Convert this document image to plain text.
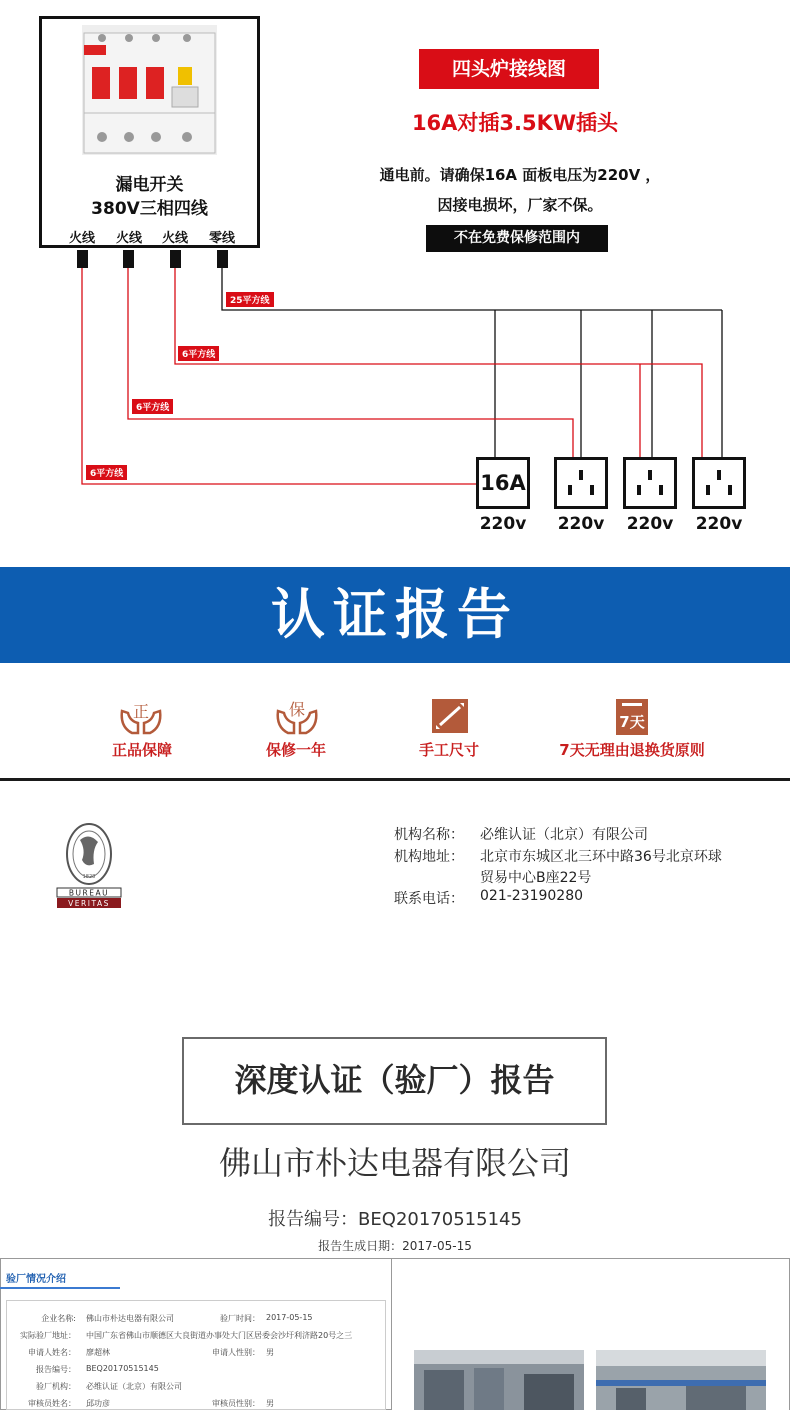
漏电开关
380V三相四线
火线	火线	火线	零线
25平方线
6平方线
6平方线
6平方线	16A
220v	220v	220v	220v
四头炉接线图
16A对插3.5KW插头
通电前。请确保16A 面板电压为220V ，
因接电损坏，厂家不保。
不在免费保修范围内
认证报告
正	保
7天
正品保障	保修一年	手工尺寸	7天无理由退换货原则
1828
BUREAU
VERITAS
机构名称： 必维认证（北京）有限公司
机构地址： 北京市东城区北三环中路36号北京环球
贸易中心B座22号
联系电话： 021-23190280
深度认证（验厂）报告
佛山市朴达电器有限公司
报告编号：BEQ20170515145
报告生成日期：2017-05-15
验厂情况介绍
企业名称: 佛山市朴达电器有限公司	验厂时间： 2017-05-15
实际验厂地址： 中国广东省佛山市顺德区大良街道办事处大门区居委会沙圩利济路20号之三
申请人姓名： 廖超林	申请人性别： 男
报告编号： BEQ20170515145
验厂机构： 必维认证（北京）有限公司
审核员姓名： 邱功彦	审核员性别： 男
